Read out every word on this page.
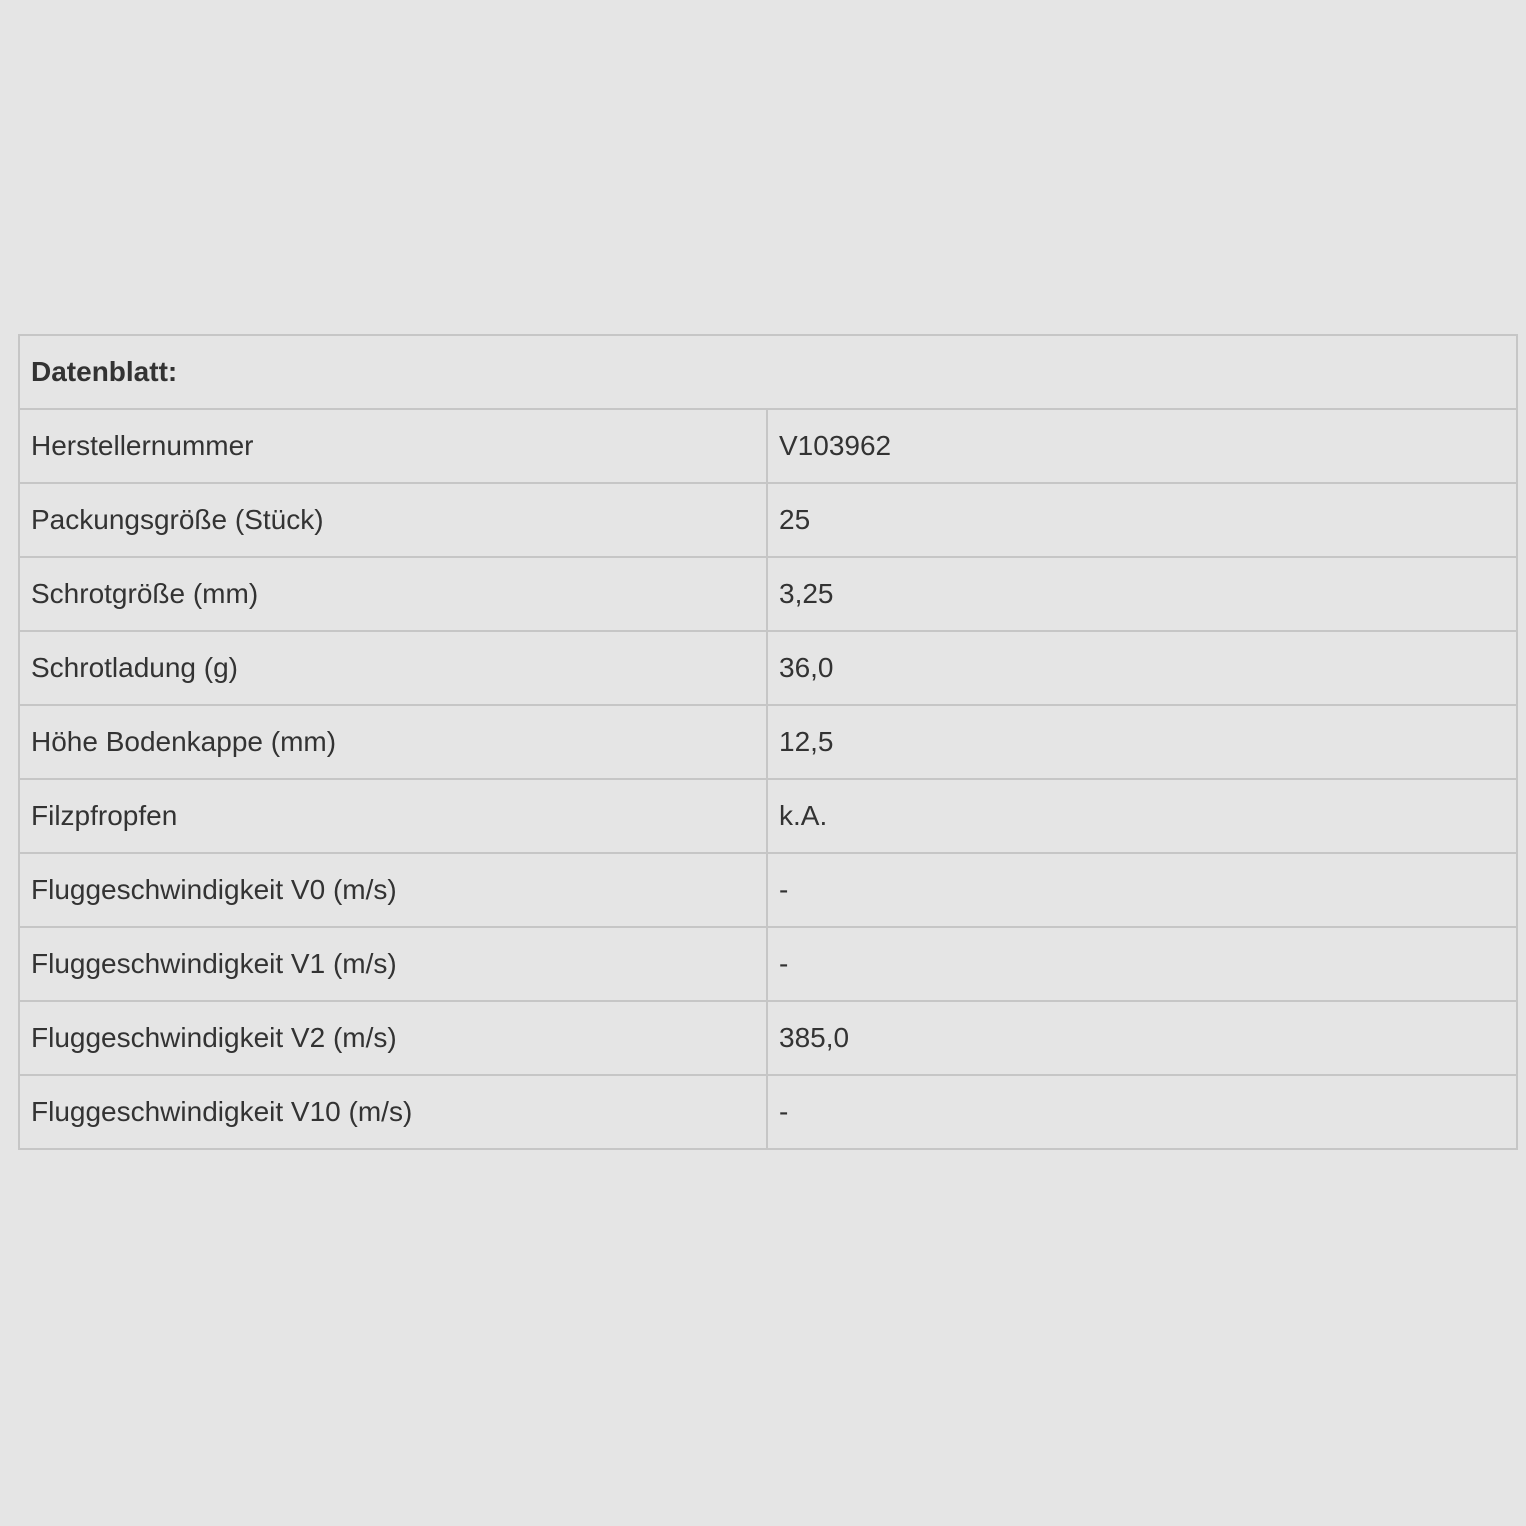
Datenblatt:	
Herstellernummer	V103962
Packungsgröße (Stück)	25
Schrotgröße (mm)	3,25
Schrotladung (g)	36,0
Höhe Bodenkappe (mm)	12,5
Filzpfropfen	k.A.
Fluggeschwindigkeit V0 (m/s)	-
Fluggeschwindigkeit V1 (m/s)	-
Fluggeschwindigkeit V2 (m/s)	385,0
Fluggeschwindigkeit V10 (m/s)	-
